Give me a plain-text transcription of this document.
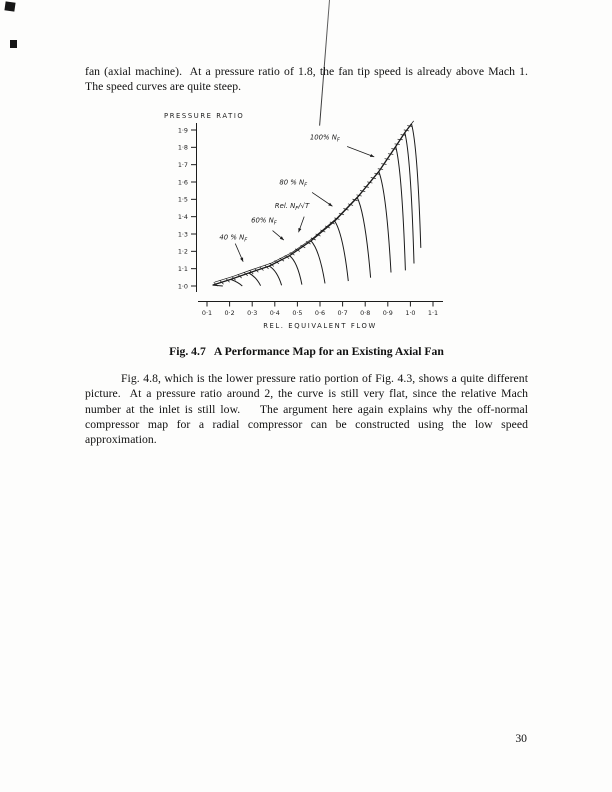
fan (axial machine).  At a pressure ratio of 1.8, the fan tip speed is already above Mach 1. The speed curves are quite steep.

1·9
1·8
1·7
1·6
1·5
1·4
1·3
1·2
1·1
1·0
PRESSURE RATIO
0·1 0·2 0·3 0·4 0·5 0·6 0·7 0·8 0·9 1·0 1·1
REL. EQUIVALENT FLOW
100% $N_F$
80 % $N_F$
Rel. $N_F/√T$
60% $N_F$
40 % $N_F$
Fig. 4.7   A Performance Map for an Existing Axial Fan

Fig. 4.8, which is the lower pressure ratio portion of Fig. 4.3, shows a quite different picture.  At a pressure ratio around 2, the curve is still very flat, since the relative Mach number at the inlet is still low.    The argument here again explains why the off-normal compressor map for a radial compressor can be constructed using the low speed approximation.

30
